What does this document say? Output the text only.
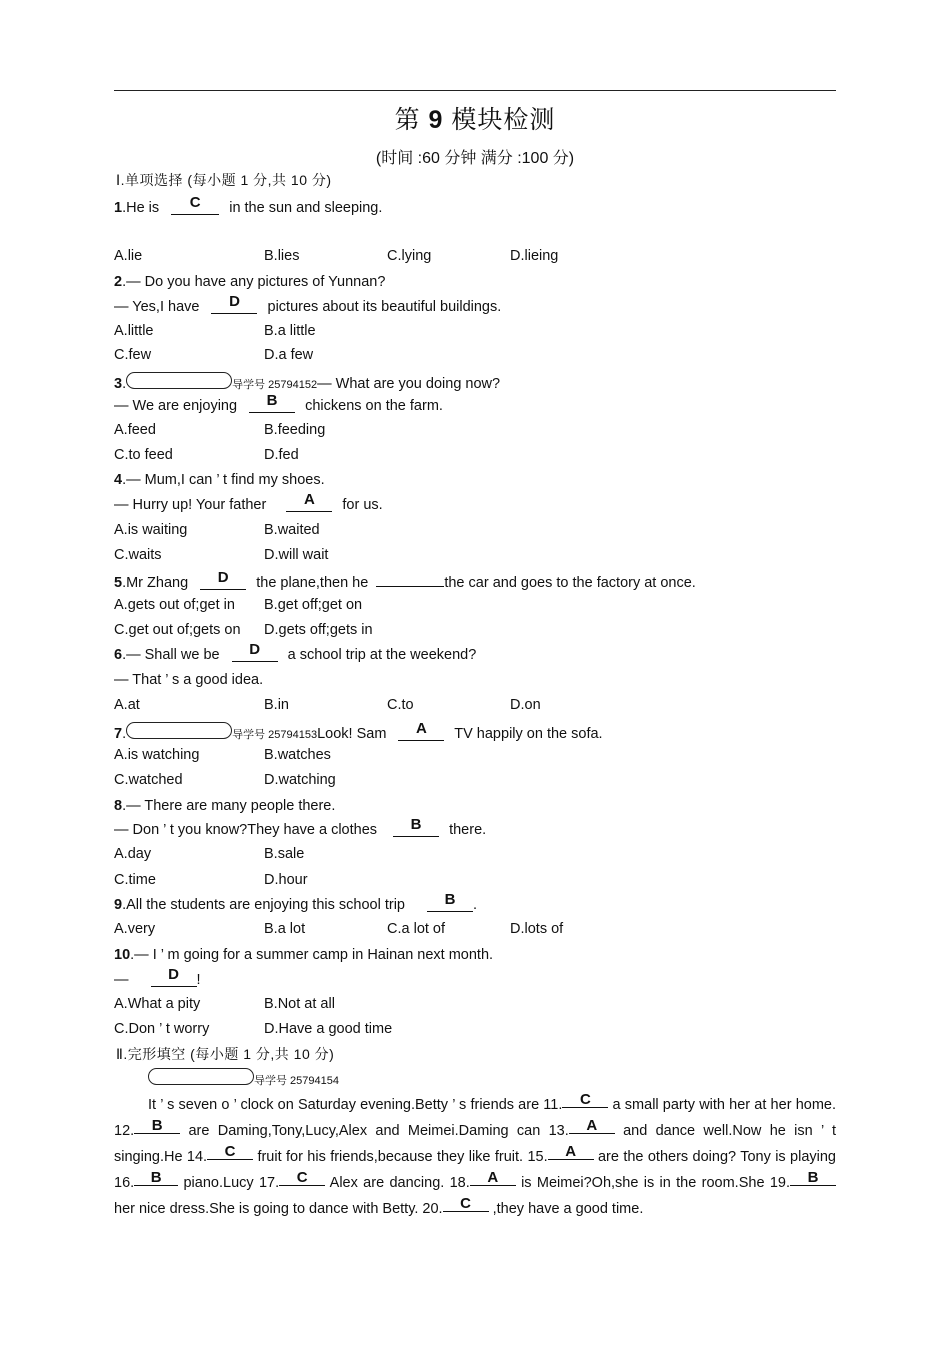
第 9 模块检测
(时间 :60 分钟 满分 :100 分)
Ⅰ.单项选择 (每小题 1 分,共 10 分)
1.He is C in the sun and sleeping.
A.lie	B.lies	C.lying	D.lieing
2.— Do you have any pictures of Yunnan?
— Yes,I have D pictures about its beautiful buildings.
A.little	B.a little
C.few	D.a few
3.	导学号 25794152— What are you doing now?
— We are enjoying B chickens on the farm.
A.feed	B.feeding
C.to feed	D.fed
4.— Mum,I can ’ t find my shoes.
— Hurry up! Your father	A for us.
A.is waiting	B.waited
C.waits	D.will wait
5.Mr Zhang D the plane,then he	the car and goes to the factory at once.
A.gets out of;get in B.get off;get on
C.get out of;gets on D.gets off;gets in
6.— Shall we be D a school trip at the weekend?
— That ’ s a good idea.
A.at	B.in	C.to	D.on
7.	导学号 25794153Look! Sam A TV happily on the sofa.
A.is watching	B.watches
C.watched	D.watching
8.— There are many people there.
— Don ’ t you know?They have a clothes B there.
A.day	B.sale
C.time	D.hour
9.All the students are enjoying this school trip	B .
A.very	B.a lot	C.a lot of	D.lots of
10.— I ’ m going for a summer camp in Hainan next month.
—	D !
A.What a pity	B.Not at all
C.Don ’ t worry	D.Have a good time
Ⅱ.完形填空 (每小题 1 分,共 10 分)
导学号 25794154
It ’ s seven o ’ clock on Saturday evening.Betty ’ s friends are 11. C a small party with her at her home. 12. B are Daming,Tony,Lucy,Alex and Meimei.Daming can 13. A and dance well.Now he isn ’ t singing.He 14. C fruit for his friends,because they like fruit. 15. A are the others doing? Tony is playing 16. B piano.Lucy 17. C Alex are dancing. 18. A is Meimei?Oh,she is in the room.She 19. B her nice dress.She is going to dance with Betty. 20. C ,they have a good time.
